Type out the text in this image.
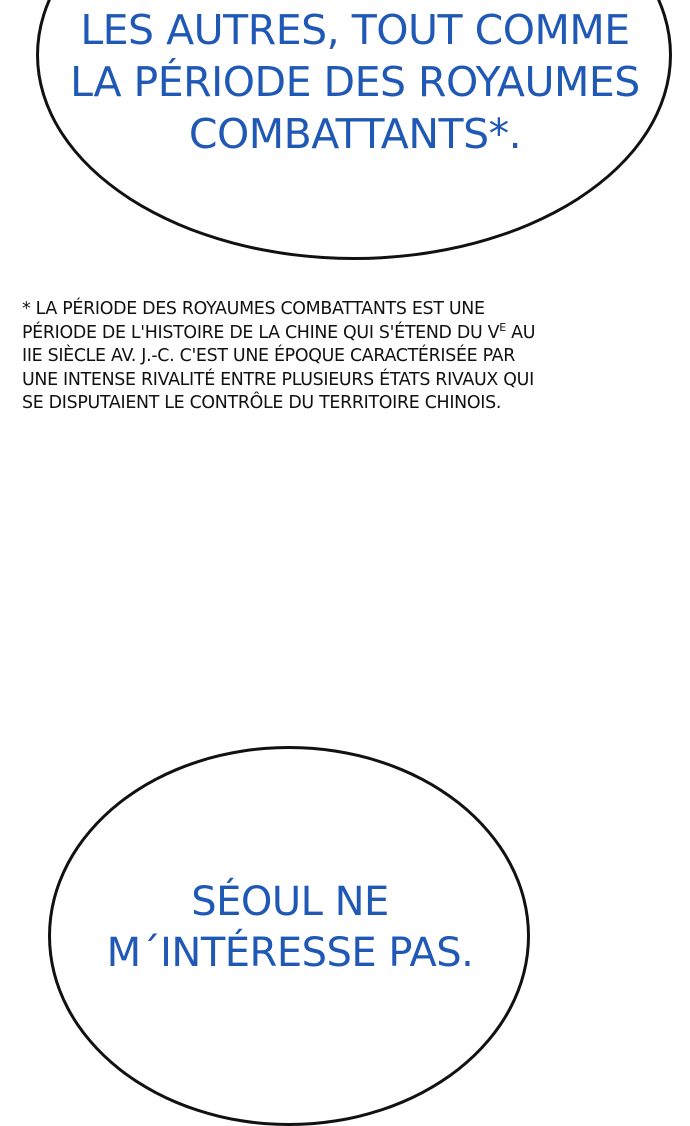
LES AUTRES, TOUT COMME
LA PÉRIODE DES ROYAUMES
COMBATTANTS*.
* LA PÉRIODE DES ROYAUMES COMBATTANTS EST UNE
PÉRIODE DE L'HISTOIRE DE LA CHINE QUI S'ÉTEND DU $V^E$ AU
IIE SIÈCLE AV. J.-C. C'EST UNE ÉPOQUE CARACTÉRISÉE PAR
UNE INTENSE RIVALITÉ ENTRE PLUSIEURS ÉTATS RIVAUX QUI
SE DISPUTAIENT LE CONTRÔLE DU TERRITOIRE CHINOIS.
SÉOUL NE
M´INTÉRESSE PAS.
